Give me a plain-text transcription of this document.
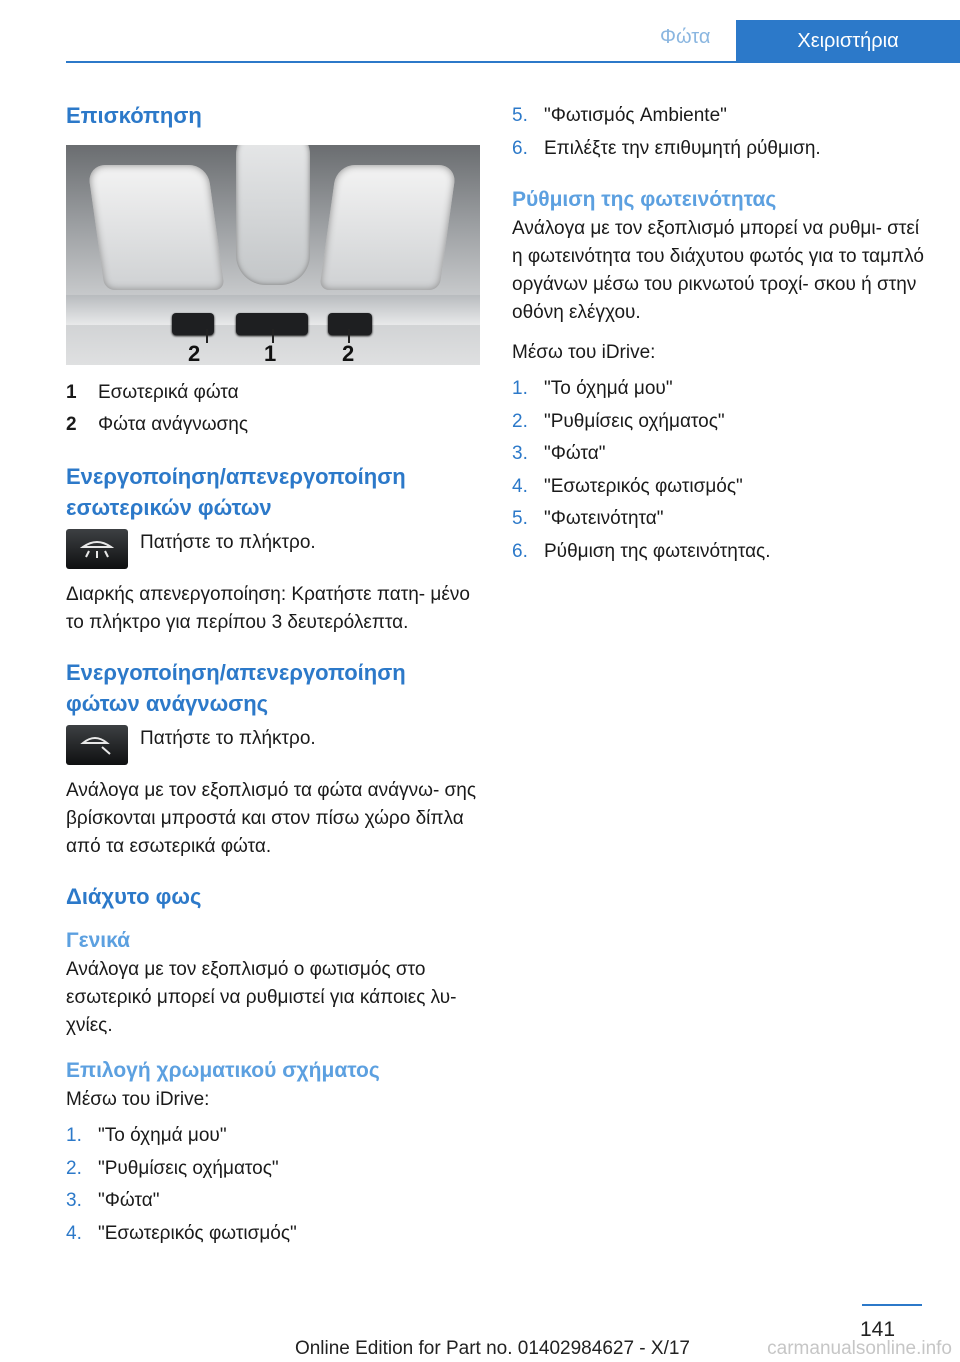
Φώτα	Χειριστήρια
Επισκόπηση
2	1	2
1	Εσωτερικά φώτα
2	Φώτα ανάγνωσης
Ενεργοποίηση/απενεργοποίηση εσωτερικών φώτων

Πατήστε το πλήκτρο.

Διαρκής απενεργοποίηση: Κρατήστε πατη‐ μένο το πλήκτρο για περίπου 3 δευτερόλεπτα.

Ενεργοποίηση/απενεργοποίηση φώτων ανάγνωσης

Πατήστε το πλήκτρο.

Ανάλογα με τον εξοπλισμό τα φώτα ανάγνω‐ σης βρίσκονται μπροστά και στον πίσω χώρο δίπλα από τα εσωτερικά φώτα.

Διάχυτο φως
Γενικά

Ανάλογα με τον εξοπλισμό ο φωτισμός στο εσωτερικό μπορεί να ρυθμιστεί για κάποιες λυ‐ χνίες.

Επιλογή χρωματικού σχήματος

Μέσω του iDrive:

1. "Το όχημά μου"
2. "Ρυθμίσεις οχήματος"
3. "Φώτα"
4. "Εσωτερικός φωτισμός"
5. "Φωτισμός Ambiente"
6. Επιλέξτε την επιθυμητή ρύθμιση.
Ρύθμιση της φωτεινότητας

Ανάλογα με τον εξοπλισμό μπορεί να ρυθμι‐ στεί η φωτεινότητα του διάχυτου φωτός για το ταμπλό οργάνων μέσω του ρικνωτού τροχί‐ σκου ή στην οθόνη ελέγχου.

Μέσω του iDrive:

1. "Το όχημά μου"
2. "Ρυθμίσεις οχήματος"
3. "Φώτα"
4. "Εσωτερικός φωτισμός"
5. "Φωτεινότητα"
6. Ρύθμιση της φωτεινότητας.
141
Online Edition for Part no. 01402984627 - X/17	carmanualsonline.info
